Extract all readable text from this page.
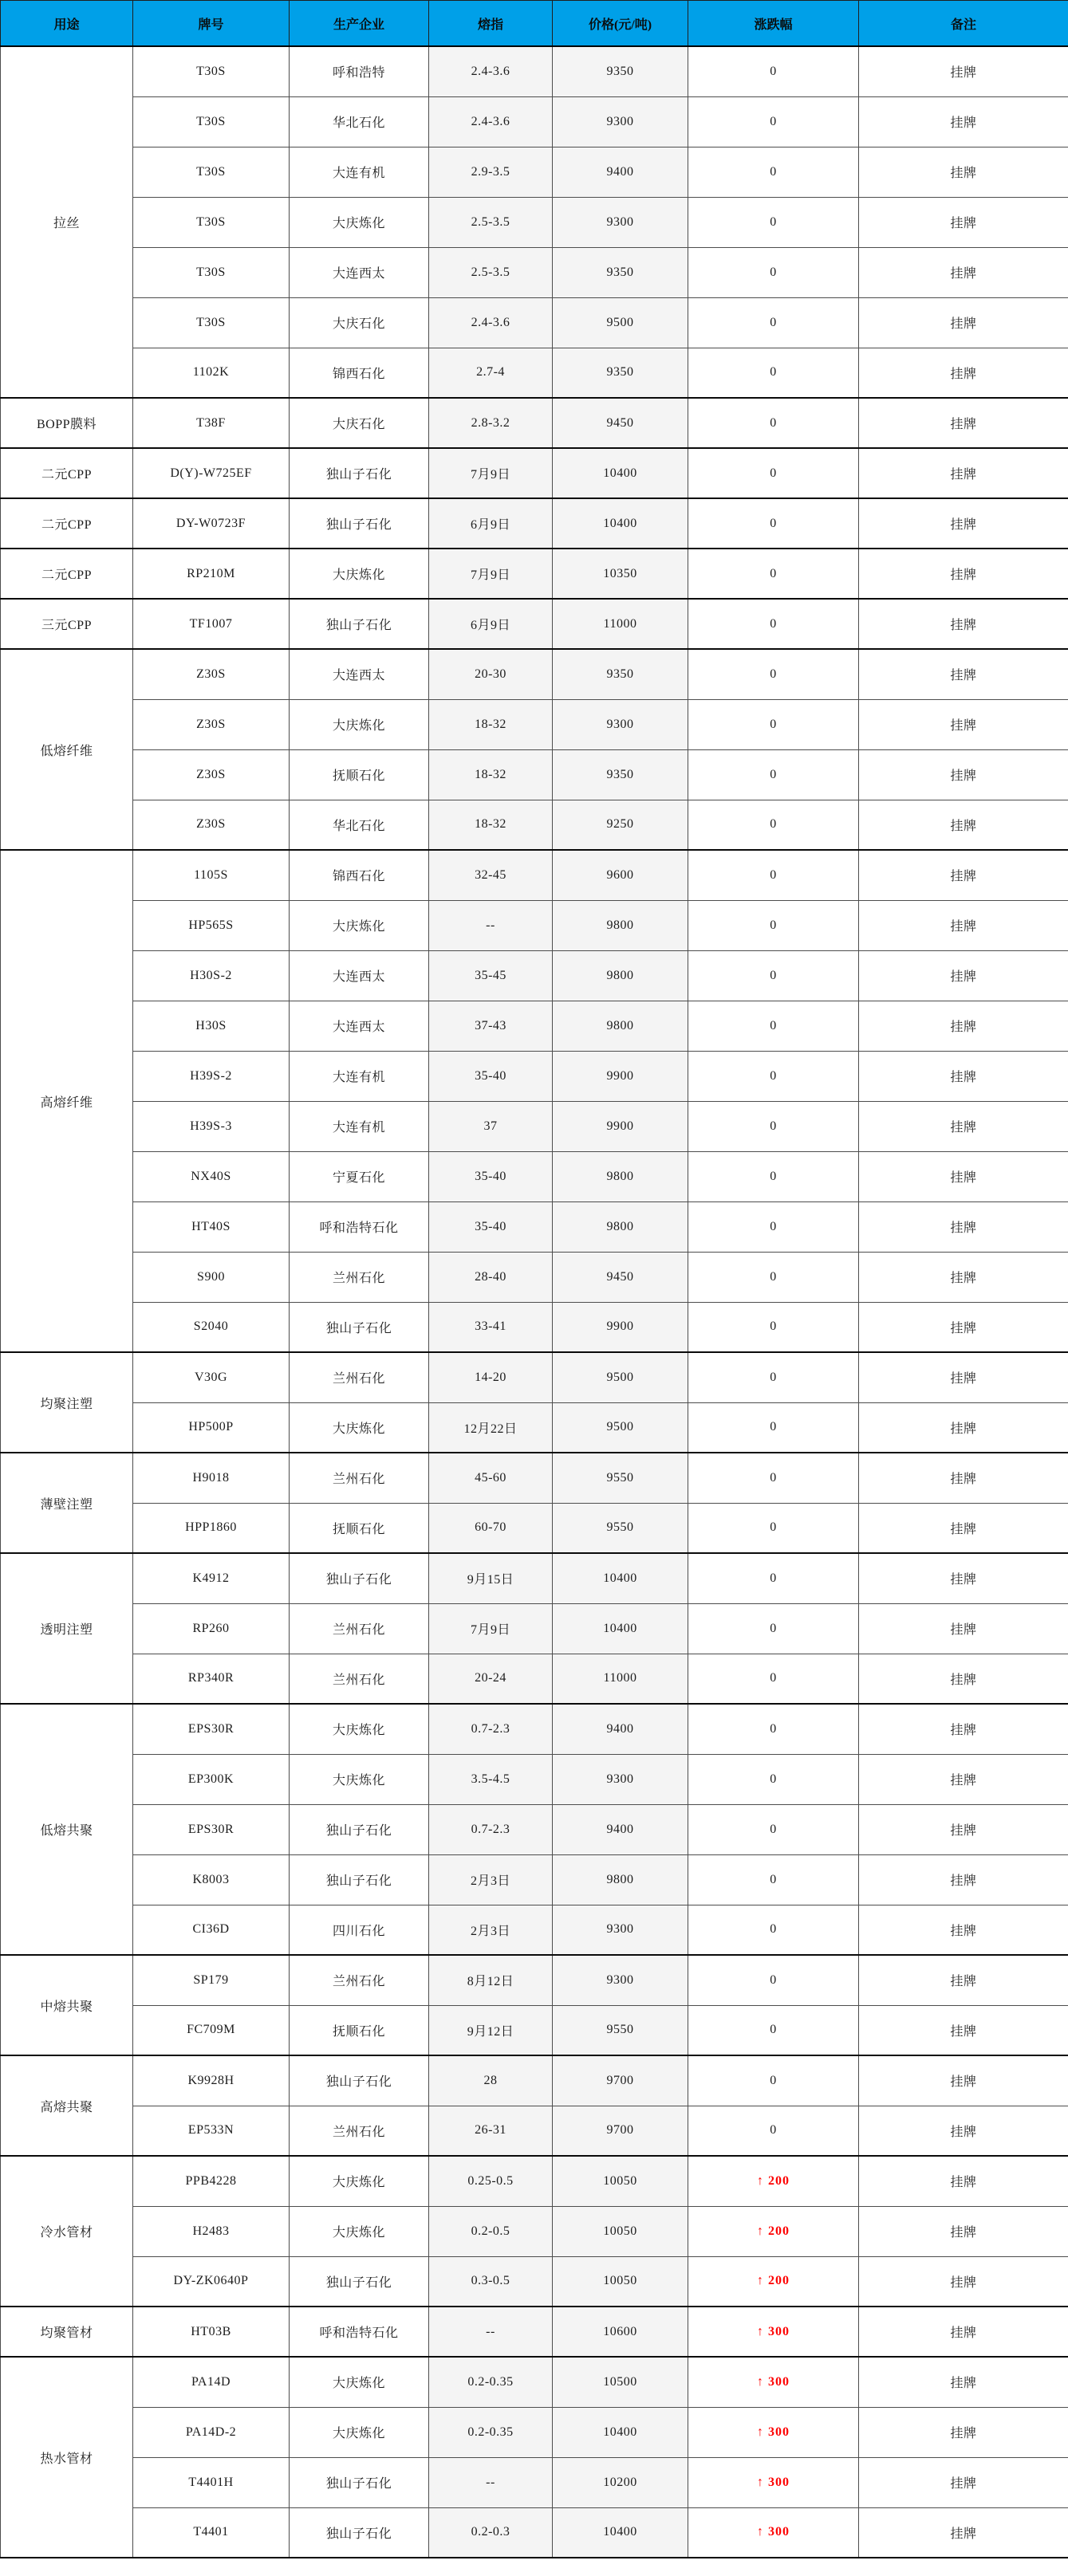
用途	牌号	生产企业	熔指	价格(元/吨)	涨跌幅	备注
拉丝	T30S	呼和浩特	2.4-3.6	9350	0	挂牌
	T30S	华北石化	2.4-3.6	9300	0	挂牌
	T30S	大连有机	2.9-3.5	9400	0	挂牌
	T30S	大庆炼化	2.5-3.5	9300	0	挂牌
	T30S	大连西太	2.5-3.5	9350	0	挂牌
	T30S	大庆石化	2.4-3.6	9500	0	挂牌
	1102K	锦西石化	2.7-4	9350	0	挂牌
BOPP膜料	T38F	大庆石化	2.8-3.2	9450	0	挂牌
二元CPP	D(Y)-W725EF	独山子石化	7月9日	10400	0	挂牌
二元CPP	DY-W0723F	独山子石化	6月9日	10400	0	挂牌
二元CPP	RP210M	大庆炼化	7月9日	10350	0	挂牌
三元CPP	TF1007	独山子石化	6月9日	11000	0	挂牌
低熔纤维	Z30S	大连西太	20-30	9350	0	挂牌
	Z30S	大庆炼化	18-32	9300	0	挂牌
	Z30S	抚顺石化	18-32	9350	0	挂牌
	Z30S	华北石化	18-32	9250	0	挂牌
高熔纤维	1105S	锦西石化	32-45	9600	0	挂牌
	HP565S	大庆炼化	--	9800	0	挂牌
	H30S-2	大连西太	35-45	9800	0	挂牌
	H30S	大连西太	37-43	9800	0	挂牌
	H39S-2	大连有机	35-40	9900	0	挂牌
	H39S-3	大连有机	37	9900	0	挂牌
	NX40S	宁夏石化	35-40	9800	0	挂牌
	HT40S	呼和浩特石化	35-40	9800	0	挂牌
	S900	兰州石化	28-40	9450	0	挂牌
	S2040	独山子石化	33-41	9900	0	挂牌
均聚注塑	V30G	兰州石化	14-20	9500	0	挂牌
	HP500P	大庆炼化	12月22日	9500	0	挂牌
薄壁注塑	H9018	兰州石化	45-60	9550	0	挂牌
	HPP1860	抚顺石化	60-70	9550	0	挂牌
透明注塑	K4912	独山子石化	9月15日	10400	0	挂牌
	RP260	兰州石化	7月9日	10400	0	挂牌
	RP340R	兰州石化	20-24	11000	0	挂牌
低熔共聚	EPS30R	大庆炼化	0.7-2.3	9400	0	挂牌
	EP300K	大庆炼化	3.5-4.5	9300	0	挂牌
	EPS30R	独山子石化	0.7-2.3	9400	0	挂牌
	K8003	独山子石化	2月3日	9800	0	挂牌
	CI36D	四川石化	2月3日	9300	0	挂牌
中熔共聚	SP179	兰州石化	8月12日	9300	0	挂牌
	FC709M	抚顺石化	9月12日	9550	0	挂牌
高熔共聚	K9928H	独山子石化	28	9700	0	挂牌
	EP533N	兰州石化	26-31	9700	0	挂牌
冷水管材	PPB4228	大庆炼化	0.25-0.5	10050	↑ 200	挂牌
	H2483	大庆炼化	0.2-0.5	10050	↑ 200	挂牌
	DY-ZK0640P	独山子石化	0.3-0.5	10050	↑ 200	挂牌
均聚管材	HT03B	呼和浩特石化	--	10600	↑ 300	挂牌
热水管材	PA14D	大庆炼化	0.2-0.35	10500	↑ 300	挂牌
	PA14D-2	大庆炼化	0.2-0.35	10400	↑ 300	挂牌
	T4401H	独山子石化	--	10200	↑ 300	挂牌
	T4401	独山子石化	0.2-0.3	10400	↑ 300	挂牌
